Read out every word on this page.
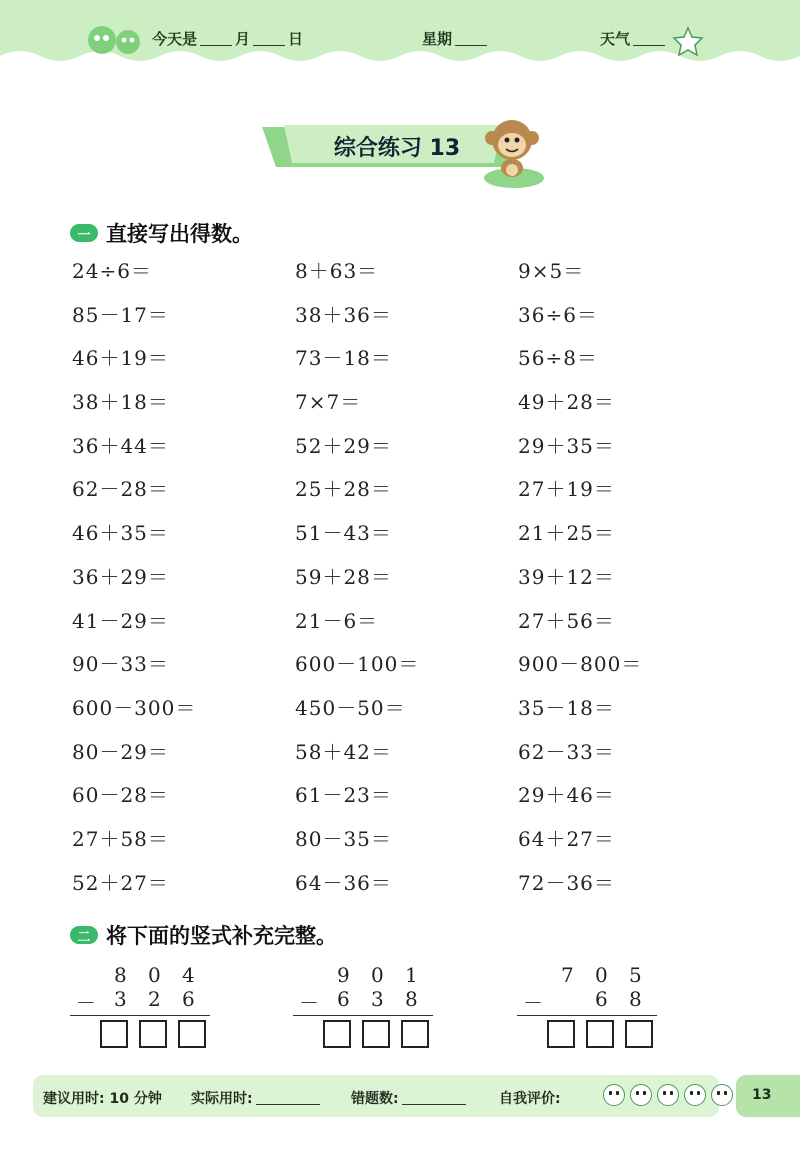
今天是	月	日	星期	天气
综合练习 13
一 直接写出得数。
24÷6＝	8＋63＝	9×5＝
85－17＝	38＋36＝	36÷6＝
46＋19＝	73－18＝	56÷8＝
38＋18＝	7×7＝	49＋28＝
36＋44＝	52＋29＝	29＋35＝
62－28＝	25＋28＝	27＋19＝
46＋35＝	51－43＝	21＋25＝
36＋29＝	59＋28＝	39＋12＝
41－29＝	21－6＝	27＋56＝
90－33＝	600－100＝	900－800＝
600－300＝	450－50＝	35－18＝
80－29＝	58＋42＝	62－33＝
60－28＝	61－23＝	29＋46＝
27＋58＝	80－35＝	64＋27＝
52＋27＝	64－36＝	72－36＝
二 将下面的竖式补充完整。
8 0 4
－ 3 2 6
9 0 1
－ 6 3 8
7 0 5
－	6 8
建议用时: 10 分钟 实际用时:	错题数:	自我评价:	13
